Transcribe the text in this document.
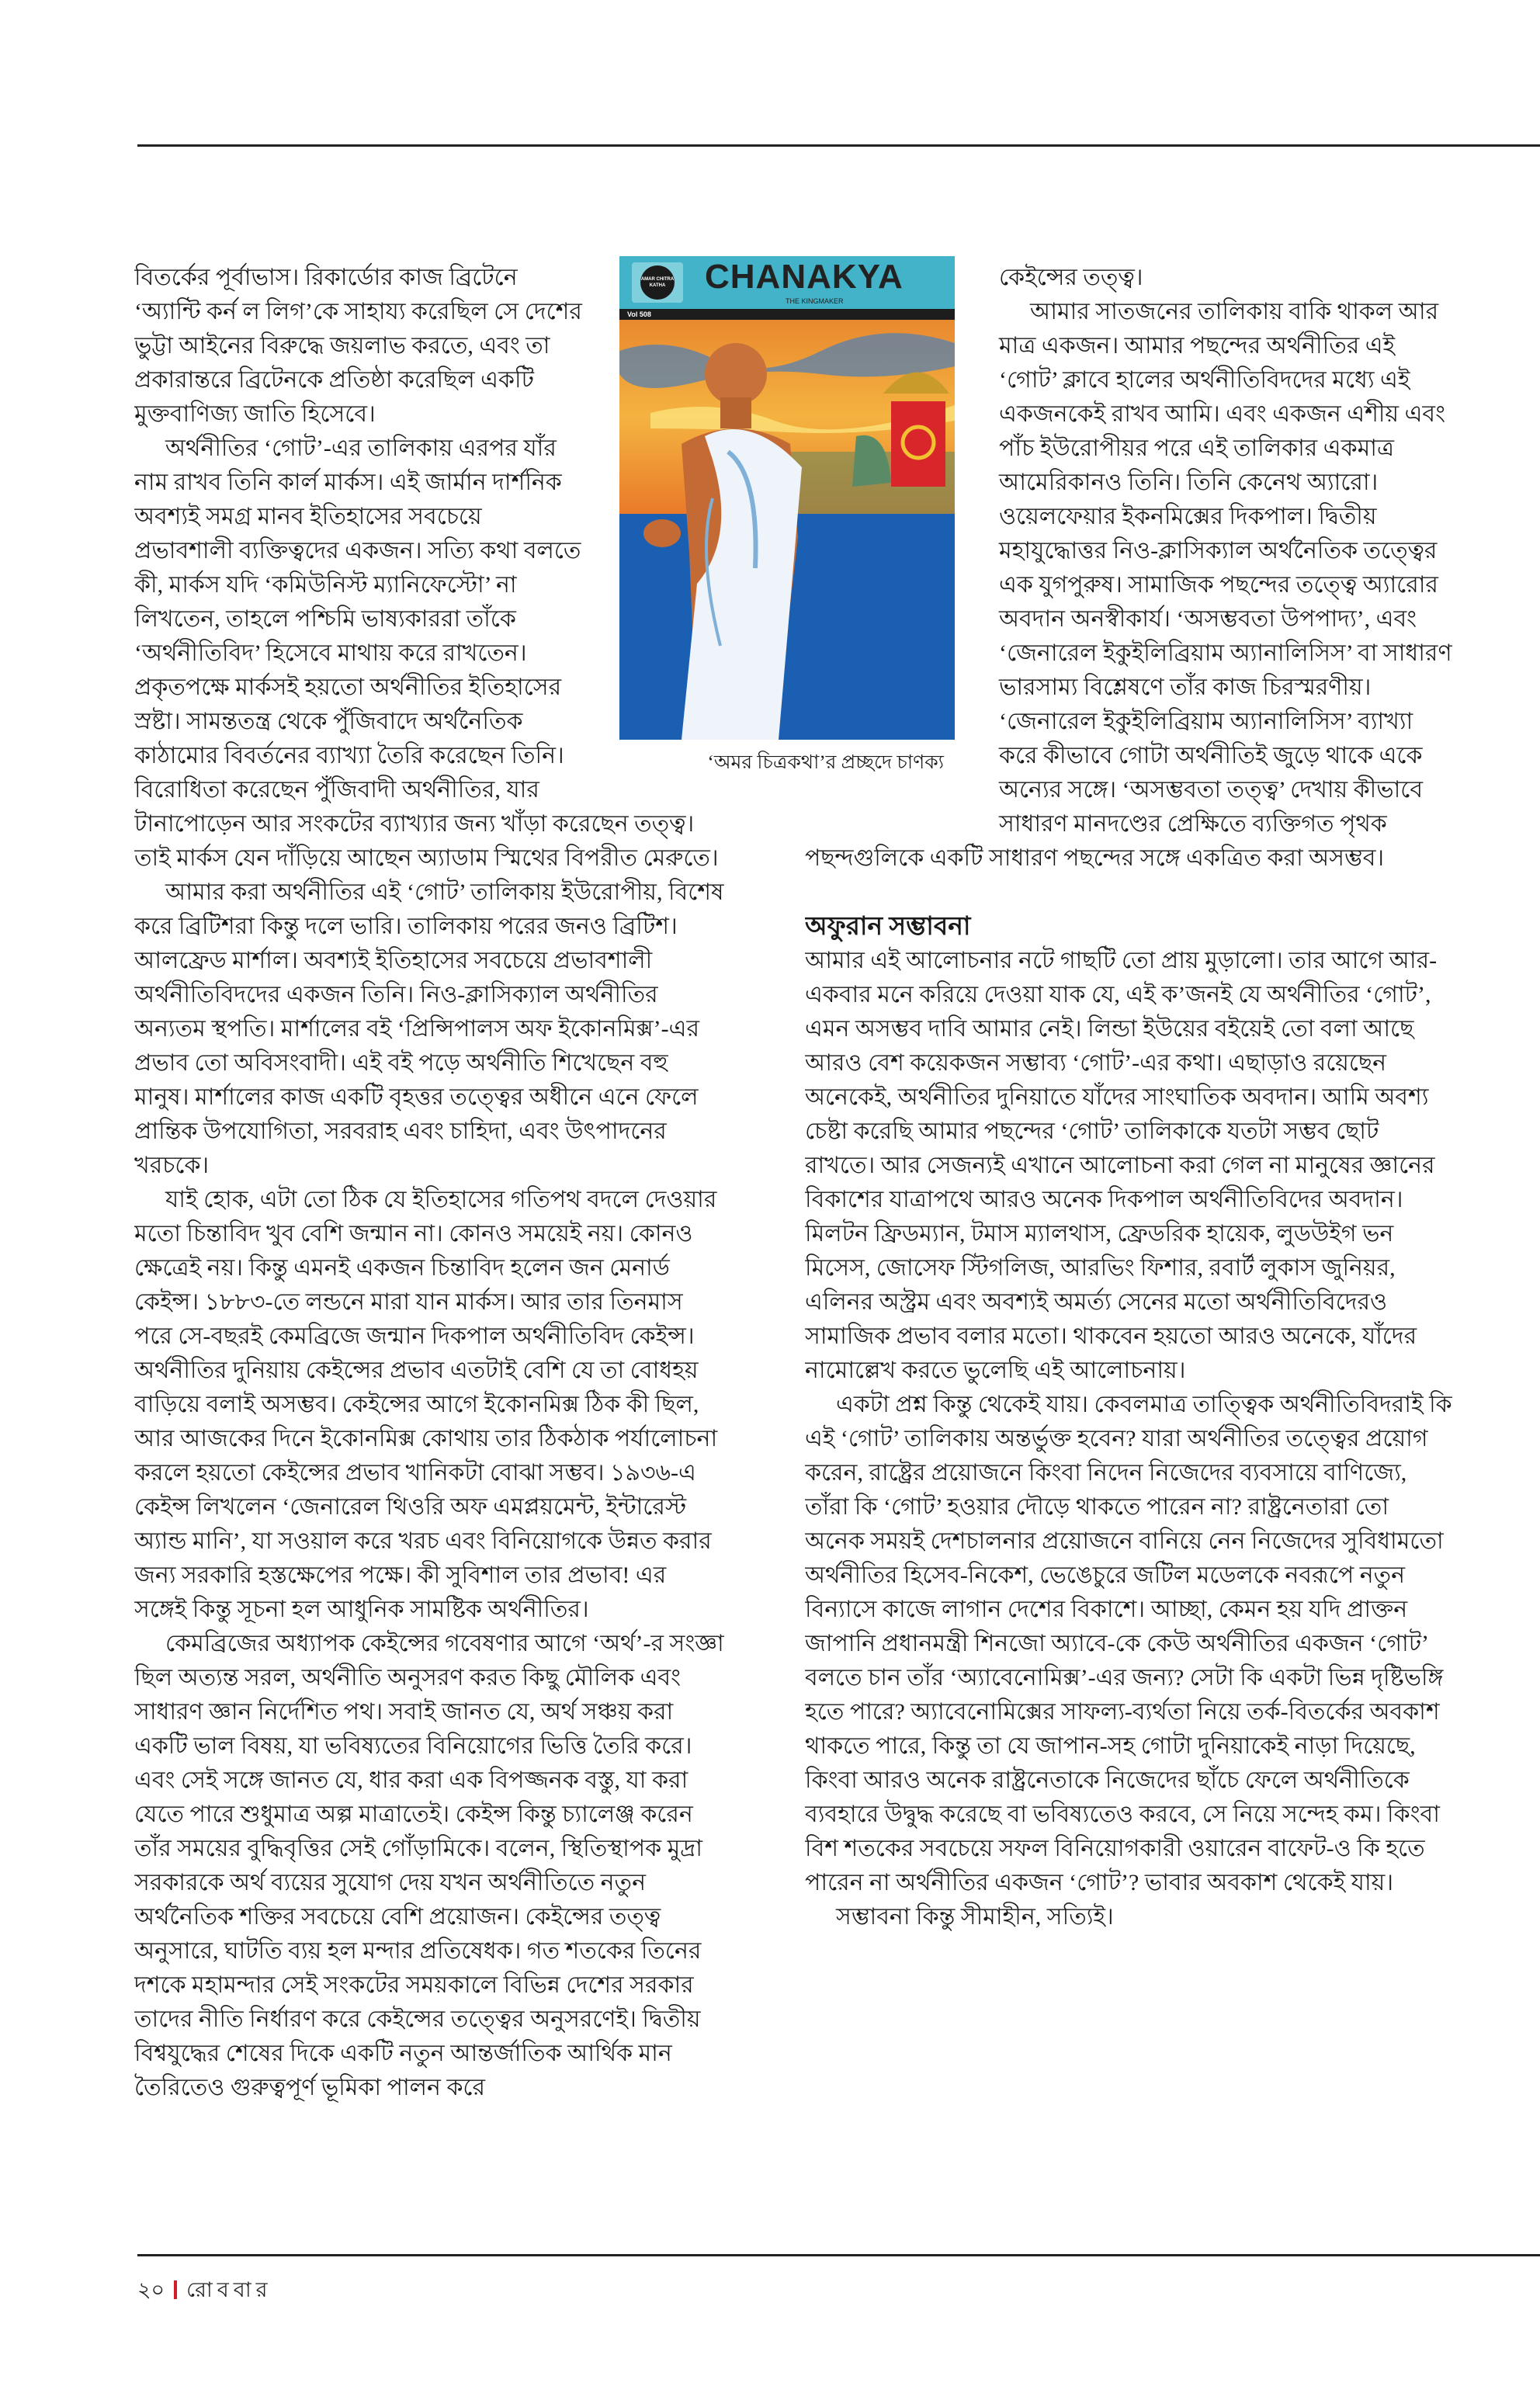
বিতর্কের পূর্বাভাস। রিকার্ডোর কাজ ব্রিটেনে ‘অ্যান্টি কর্ন ল লিগ’কে সাহায্য করেছিল সে দেশের ভুট্টা আইনের বিরুদ্ধে জয়লাভ করতে, এবং তা প্রকারান্তরে ব্রিটেনকে প্রতিষ্ঠা করেছিল একটি মুক্তবাণিজ্য জাতি হিসেবে।

অর্থনীতির ‘গোট’-এর তালিকায় এরপর যাঁর নাম রাখব তিনি কার্ল মার্কস। এই জার্মান দার্শনিক অবশ্যই সমগ্র মানব ইতিহাসের সবচেয়ে প্রভাবশালী ব্যক্তিত্বদের একজন। সত্যি কথা বলতে কী, মার্কস যদি ‘কমিউনিস্ট ম্যানিফেস্টো’ না লিখতেন, তাহলে পশ্চিমি ভাষ্যকাররা তাঁকে ‘অর্থনীতিবিদ’ হিসেবে মাথায় করে রাখতেন। প্রকৃতপক্ষে মার্কসই হয়তো অর্থনীতির ইতিহাসের স্রষ্টা। সামন্ততন্ত্র থেকে পুঁজিবাদে অর্থনৈতিক কাঠামোর বিবর্তনের ব্যাখ্যা তৈরি করেছেন তিনি। বিরোধিতা করেছেন পুঁজিবাদী অর্থনীতির, যার টানাপোড়েন আর সংকটের ব্যাখ্যার জন্য খাঁড়া করেছেন তত্ত্ব। তাই মার্কস যেন দাঁড়িয়ে আছেন অ্যাডাম স্মিথের বিপরীত মেরুতে।

আমার করা অর্থনীতির এই ‘গোট’ তালিকায় ইউরোপীয়, বিশেষ করে ব্রিটিশরা কিন্তু দলে ভারি। তালিকায় পরের জনও ব্রিটিশ। আলফ্রেড মার্শাল। অবশ্যই ইতিহাসের সবচেয়ে প্রভাবশালী অর্থনীতিবিদদের একজন তিনি। নিও-ক্লাসিক্যাল অর্থনীতির অন্যতম স্থপতি। মার্শালের বই ‘প্রিন্সিপালস অফ ইকোনমিক্স’-এর প্রভাব তো অবিসংবাদী। এই বই পড়ে অর্থনীতি শিখেছেন বহু মানুষ। মার্শালের কাজ একটি বৃহত্তর তত্ত্বের অধীনে এনে ফেলে প্রান্তিক উপযোগিতা, সরবরাহ এবং চাহিদা, এবং উৎপাদনের খরচকে।

যাই হোক, এটা তো ঠিক যে ইতিহাসের গতিপথ বদলে দেওয়ার মতো চিন্তাবিদ খুব বেশি জন্মান না। কোনও সময়েই নয়। কোনও ক্ষেত্রেই নয়। কিন্তু এমনই একজন চিন্তাবিদ হলেন জন মেনার্ড কেইন্স। ১৮৮৩-তে লন্ডনে মারা যান মার্কস। আর তার তিনমাস পরে সে-বছরই কেমব্রিজে জন্মান দিকপাল অর্থনীতিবিদ কেইন্স। অর্থনীতির দুনিয়ায় কেইন্সের প্রভাব এতটাই বেশি যে তা বোধহয় বাড়িয়ে বলাই অসম্ভব। কেইন্সের আগে ইকোনমিক্স ঠিক কী ছিল, আর আজকের দিনে ইকোনমিক্স কোথায় তার ঠিকঠাক পর্যালোচনা করলে হয়তো কেইন্সের প্রভাব খানিকটা বোঝা সম্ভব। ১৯৩৬-এ কেইন্স লিখলেন ‘জেনারেল থিওরি অফ এমপ্লয়মেন্ট, ইন্টারেস্ট অ্যান্ড মানি’, যা সওয়াল করে খরচ এবং বিনিয়োগকে উন্নত করার জন্য সরকারি হস্তক্ষেপের পক্ষে। কী সুবিশাল তার প্রভাব! এর সঙ্গেই কিন্তু সূচনা হল আধুনিক সামষ্টিক অর্থনীতির।

কেমব্রিজের অধ্যাপক কেইন্সের গবেষণার আগে ‘অর্থ’-র সংজ্ঞা ছিল অত্যন্ত সরল, অর্থনীতি অনুসরণ করত কিছু মৌলিক এবং সাধারণ জ্ঞান নির্দেশিত পথ। সবাই জানত যে, অর্থ সঞ্চয় করা একটি ভাল বিষয়, যা ভবিষ্যতের বিনিয়োগের ভিত্তি তৈরি করে। এবং সেই সঙ্গে জানত যে, ধার করা এক বিপজ্জনক বস্তু, যা করা যেতে পারে শুধুমাত্র অল্প মাত্রাতেই। কেইন্স কিন্তু চ্যালেঞ্জ করেন তাঁর সময়ের বুদ্ধিবৃত্তির সেই গোঁড়ামিকে। বলেন, স্থিতিস্থাপক মুদ্রা সরকারকে অর্থ ব্যয়ের সুযোগ দেয় যখন অর্থনীতিতে নতুন অর্থনৈতিক শক্তির সবচেয়ে বেশি প্রয়োজন। কেইন্সের তত্ত্ব অনুসারে, ঘাটতি ব্যয় হল মন্দার প্রতিষেধক। গত শতকের তিনের দশকে মহামন্দার সেই সংকটের সময়কালে বিভিন্ন দেশের সরকার তাদের নীতি নির্ধারণ করে কেইন্সের তত্ত্বের অনুসরণেই। দ্বিতীয় বিশ্বযুদ্ধের শেষের দিকে একটি নতুন আন্তর্জাতিক আর্থিক মান তৈরিতেও গুরুত্বপূর্ণ ভূমিকা পালন করে

AMAR CHITRA KATHA CHANAKYA
THE KINGMAKER
Vol 508
‘অমর চিত্রকথা’র প্রচ্ছদে চাণক্য

কেইন্সের তত্ত্ব।

আমার সাতজনের তালিকায় বাকি থাকল আর মাত্র একজন। আমার পছন্দের অর্থনীতির এই ‘গোট’ ক্লাবে হালের অর্থনীতিবিদদের মধ্যে এই একজনকেই রাখব আমি। এবং একজন এশীয় এবং পাঁচ ইউরোপীয়র পরে এই তালিকার একমাত্র আমেরিকানও তিনি। তিনি কেনেথ অ্যারো। ওয়েলফেয়ার ইকনমিক্সের দিকপাল। দ্বিতীয় মহাযুদ্ধোত্তর নিও-ক্লাসিক্যাল অর্থনৈতিক তত্ত্বের এক যুগপুরুষ। সামাজিক পছন্দের তত্ত্বে অ্যারোর অবদান অনস্বীকার্য। ‘অসম্ভবতা উপপাদ্য’, এবং ‘জেনারেল ইকুইলিব্রিয়াম অ্যানালিসিস’ বা সাধারণ ভারসাম্য বিশ্লেষণে তাঁর কাজ চিরস্মরণীয়। ‘জেনারেল ইকুইলিব্রিয়াম অ্যানালিসিস’ ব্যাখ্যা করে কীভাবে গোটা অর্থনীতিই জুড়ে থাকে একে অন্যের সঙ্গে। ‘অসম্ভবতা তত্ত্ব’ দেখায় কীভাবে সাধারণ মানদণ্ডের প্রেক্ষিতে ব্যক্তিগত পৃথক পছন্দগুলিকে একটি সাধারণ পছন্দের সঙ্গে একত্রিত করা অসম্ভব।

অফুরান সম্ভাবনা

আমার এই আলোচনার নটে গাছটি তো প্রায় মুড়ালো। তার আগে আর-একবার মনে করিয়ে দেওয়া যাক যে, এই ক’জনই যে অর্থনীতির ‘গোট’, এমন অসম্ভব দাবি আমার নেই। লিন্ডা ইউয়ের বইয়েই তো বলা আছে আরও বেশ কয়েকজন সম্ভাব্য ‘গোট’-এর কথা। এছাড়াও রয়েছেন অনেকেই, অর্থনীতির দুনিয়াতে যাঁদের সাংঘাতিক অবদান। আমি অবশ্য চেষ্টা করেছি আমার পছন্দের ‘গোট’ তালিকাকে যতটা সম্ভব ছোট রাখতে। আর সেজন্যই এখানে আলোচনা করা গেল না মানুষের জ্ঞানের বিকাশের যাত্রাপথে আরও অনেক দিকপাল অর্থনীতিবিদের অবদান। মিলটন ফ্রিডম্যান, টমাস ম্যালথাস, ফ্রেডরিক হায়েক, লুডউইগ ভন মিসেস, জোসেফ স্টিগলিজ, আরভিং ফিশার, রবার্ট লুকাস জুনিয়র, এলিনর অস্ট্রম এবং অবশ্যই অমর্ত্য সেনের মতো অর্থনীতিবিদেরও সামাজিক প্রভাব বলার মতো। থাকবেন হয়তো আরও অনেকে, যাঁদের নামোল্লেখ করতে ভুলেছি এই আলোচনায়।

একটা প্রশ্ন কিন্তু থেকেই যায়। কেবলমাত্র তাত্ত্বিক অর্থনীতিবিদরাই কি এই ‘গোট’ তালিকায় অন্তর্ভুক্ত হবেন? যারা অর্থনীতির তত্ত্বের প্রয়োগ করেন, রাষ্ট্রের প্রয়োজনে কিংবা নিদেন নিজেদের ব্যবসায়ে বাণিজ্যে, তাঁরা কি ‘গোট’ হওয়ার দৌড়ে থাকতে পারেন না? রাষ্ট্রনেতারা তো অনেক সময়ই দেশচালনার প্রয়োজনে বানিয়ে নেন নিজেদের সুবিধামতো অর্থনীতির হিসেব-নিকেশ, ভেঙেচুরে জটিল মডেলকে নবরূপে নতুন বিন্যাসে কাজে লাগান দেশের বিকাশে। আচ্ছা, কেমন হয় যদি প্রাক্তন জাপানি প্রধানমন্ত্রী শিনজো অ্যাবে-কে কেউ অর্থনীতির একজন ‘গোট’ বলতে চান তাঁর ‘অ্যাবেনোমিক্স’-এর জন্য? সেটা কি একটা ভিন্ন দৃষ্টিভঙ্গি হতে পারে? অ্যাবেনোমিক্সের সাফল্য-ব্যর্থতা নিয়ে তর্ক-বিতর্কের অবকাশ থাকতে পারে, কিন্তু তা যে জাপান-সহ গোটা দুনিয়াকেই নাড়া দিয়েছে, কিংবা আরও অনেক রাষ্ট্রনেতাকে নিজেদের ছাঁচে ফেলে অর্থনীতিকে ব্যবহারে উদ্বুদ্ধ করেছে বা ভবিষ্যতেও করবে, সে নিয়ে সন্দেহ কম। কিংবা বিশ শতকের সবচেয়ে সফল বিনিয়োগকারী ওয়ারেন বাফেট-ও কি হতে পারেন না অর্থনীতির একজন ‘গোট’? ভাবার অবকাশ থেকেই যায়।

সম্ভাবনা কিন্তু সীমাহীন, সত্যিই।

২০ রোববার
